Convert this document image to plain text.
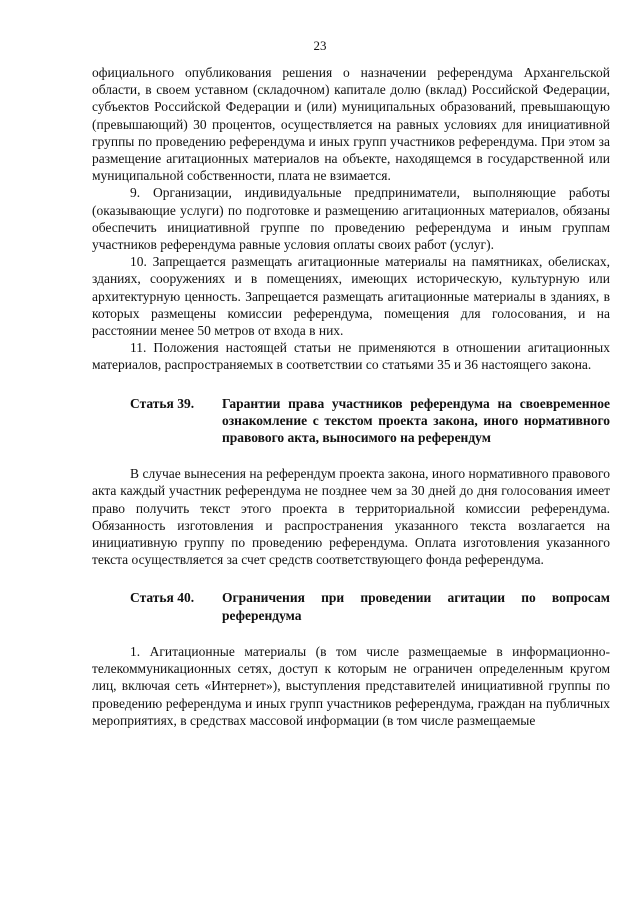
23

официального опубликования решения о назначении референдума Архангельской области, в своем уставном (складочном) капитале долю (вклад) Российской Федерации, субъектов Российской Федерации и (или) муниципальных образований, превышающую (превышающий) 30 процентов, осуществляется на равных условиях для инициативной группы по проведению референдума и иных групп участников референдума. При этом за размещение агитационных материалов на объекте, находящемся в государственной или муниципальной собственности, плата не взимается.

9. Организации, индивидуальные предприниматели, выполняющие работы (оказывающие услуги) по подготовке и размещению агитационных материалов, обязаны обеспечить инициативной группе по проведению референдума и иным группам участников референдума равные условия оплаты своих работ (услуг).

10. Запрещается размещать агитационные материалы на памятниках, обелисках, зданиях, сооружениях и в помещениях, имеющих историческую, культурную или архитектурную ценность. Запрещается размещать агитационные материалы в зданиях, в которых размещены комиссии референдума, помещения для голосования, и на расстоянии менее 50 метров от входа в них.

11. Положения настоящей статьи не применяются в отношении агитационных материалов, распространяемых в соответствии со статьями 35 и 36 настоящего закона.

Статья 39.	Гарантии права участников референдума на своевременное ознакомление с текстом проекта закона, иного нормативного правового акта, выносимого на референдум

В случае вынесения на референдум проекта закона, иного нормативного правового акта каждый участник референдума не позднее чем за 30 дней до дня голосования имеет право получить текст этого проекта в территориальной комиссии референдума. Обязанность изготовления и распространения указанного текста возлагается на инициативную группу по проведению референдума. Оплата изготовления указанного текста осуществляется за счет средств соответствующего фонда референдума.

Статья 40.	Ограничения при проведении агитации по вопросам референдума

1. Агитационные материалы (в том числе размещаемые в информационно-телекоммуникационных сетях, доступ к которым не ограничен определенным кругом лиц, включая сеть «Интернет»), выступления представителей инициативной группы по проведению референдума и иных групп участников референдума, граждан на публичных мероприятиях, в средствах массовой информации (в том числе размещаемые
